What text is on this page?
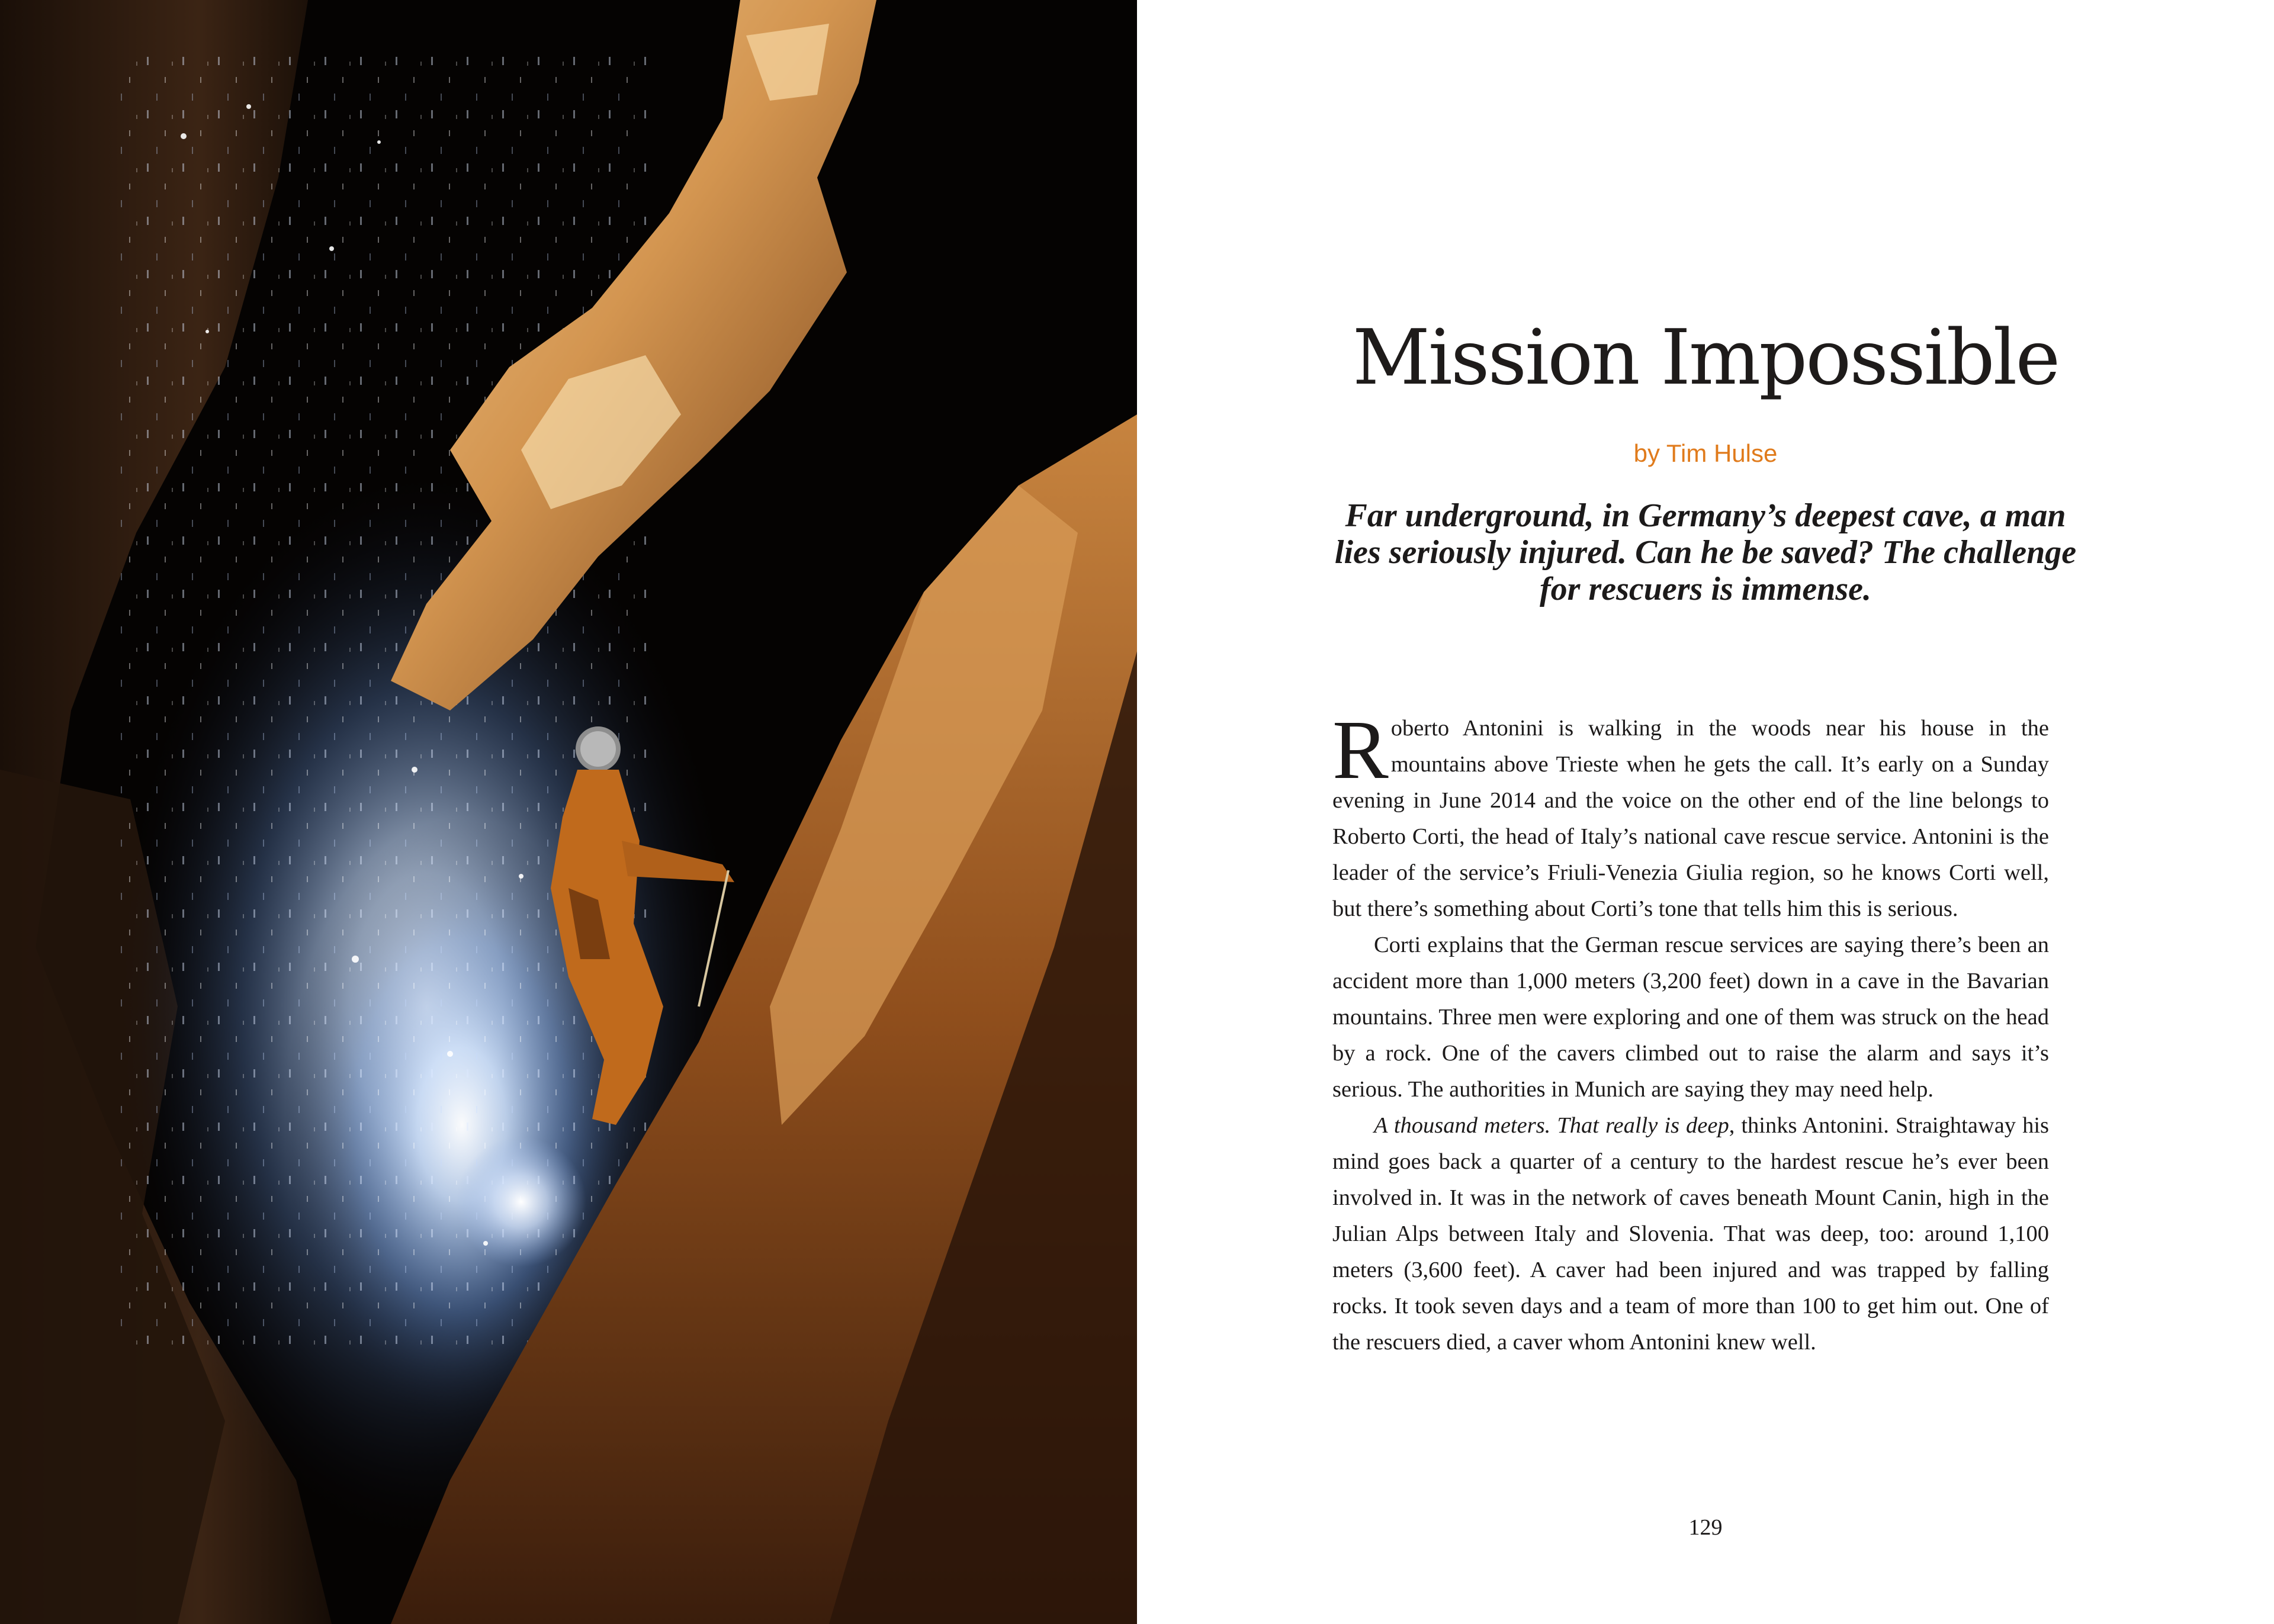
Mission Impossible

by Tim Hulse

Far underground, in Germany’s deepest cave, a man lies seriously injured. Can he be saved? The challenge for rescuers is immense.

Roberto Antonini is walking in the woods near his house in the mountains above Trieste when he gets the call. It’s early on a Sunday evening in June 2014 and the voice on the other end of the line belongs to Roberto Corti, the head of Italy’s national cave rescue service. Antonini is the leader of the service’s Friuli-Venezia Giulia region, so he knows Corti well, but there’s something about Corti’s tone that tells him this is serious.

Corti explains that the German rescue services are saying there’s been an accident more than 1,000 meters (3,200 feet) down in a cave in the Bavarian mountains. Three men were exploring and one of them was struck on the head by a rock. One of the cavers climbed out to raise the alarm and says it’s serious. The authorities in Munich are saying they may need help.

A thousand meters. That really is deep, thinks Antonini. Straightaway his mind goes back a quarter of a century to the hardest rescue he’s ever been involved in. It was in the network of caves beneath Mount Canin, high in the Julian Alps between Italy and Slovenia. That was deep, too: around 1,100 meters (3,600 feet). A caver had been injured and was trapped by falling rocks. It took seven days and a team of more than 100 to get him out. One of the rescuers died, a caver whom Antonini knew well.

129
